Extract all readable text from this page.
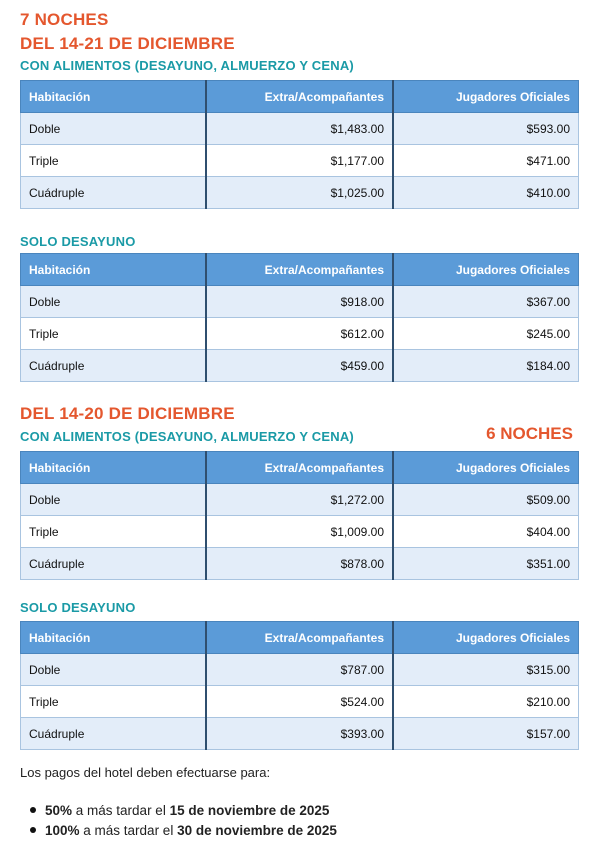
7 NOCHES
DEL 14-21 DE DICIEMBRE
CON ALIMENTOS (DESAYUNO, ALMUERZO Y CENA)
Habitación	Extra/Acompañantes	Jugadores Oficiales
Doble	$1,483.00	$593.00
Triple	$1,177.00	$471.00
Cuádruple	$1,025.00	$410.00
SOLO DESAYUNO
Habitación	Extra/Acompañantes	Jugadores Oficiales
Doble	$918.00	$367.00
Triple	$612.00	$245.00
Cuádruple	$459.00	$184.00
DEL 14-20 DE DICIEMBRE
CON ALIMENTOS (DESAYUNO, ALMUERZO Y CENA)	6 NOCHES
Habitación	Extra/Acompañantes	Jugadores Oficiales
Doble	$1,272.00	$509.00
Triple	$1,009.00	$404.00
Cuádruple	$878.00	$351.00
SOLO DESAYUNO
Habitación	Extra/Acompañantes	Jugadores Oficiales
Doble	$787.00	$315.00
Triple	$524.00	$210.00
Cuádruple	$393.00	$157.00
Los pagos del hotel deben efectuarse para:
50% a más tardar el 15 de noviembre de 2025
100% a más tardar el 30 de noviembre de 2025
